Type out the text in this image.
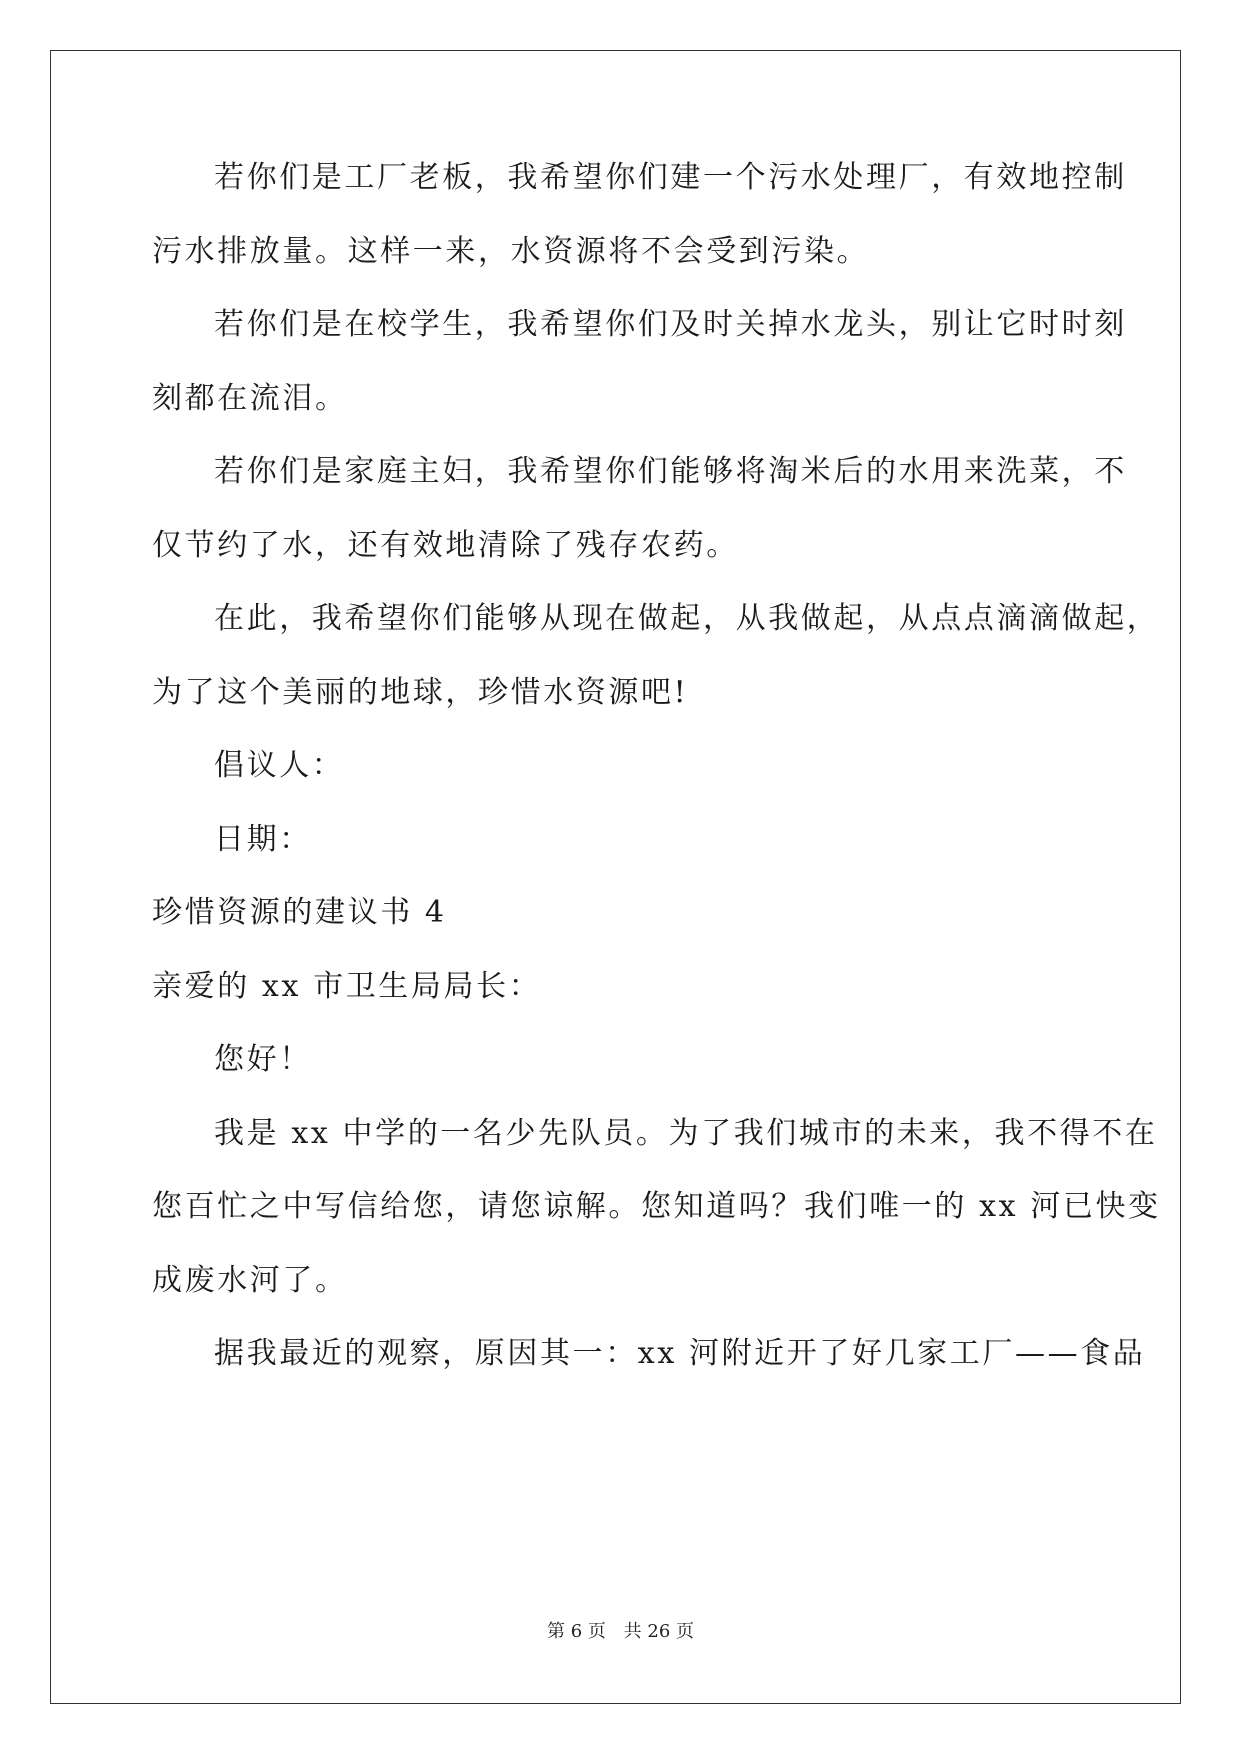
若你们是工厂老板，我希望你们建一个污水处理厂，有效地控制
污水排放量。这样一来，水资源将不会受到污染。
若你们是在校学生，我希望你们及时关掉水龙头，别让它时时刻
刻都在流泪。
若你们是家庭主妇，我希望你们能够将淘米后的水用来洗菜，不
仅节约了水，还有效地清除了残存农药。
在此，我希望你们能够从现在做起，从我做起，从点点滴滴做起，
为了这个美丽的地球，珍惜水资源吧!
倡议人：
日期：
珍惜资源的建议书 4
亲爱的 xx 市卫生局局长：
您好！
我是 xx 中学的一名少先队员。为了我们城市的未来，我不得不在
您百忙之中写信给您，请您谅解。您知道吗？我们唯一的 xx 河已快变
成废水河了。
据我最近的观察，原因其一：xx 河附近开了好几家工厂——食品
第 6 页 共 26 页
